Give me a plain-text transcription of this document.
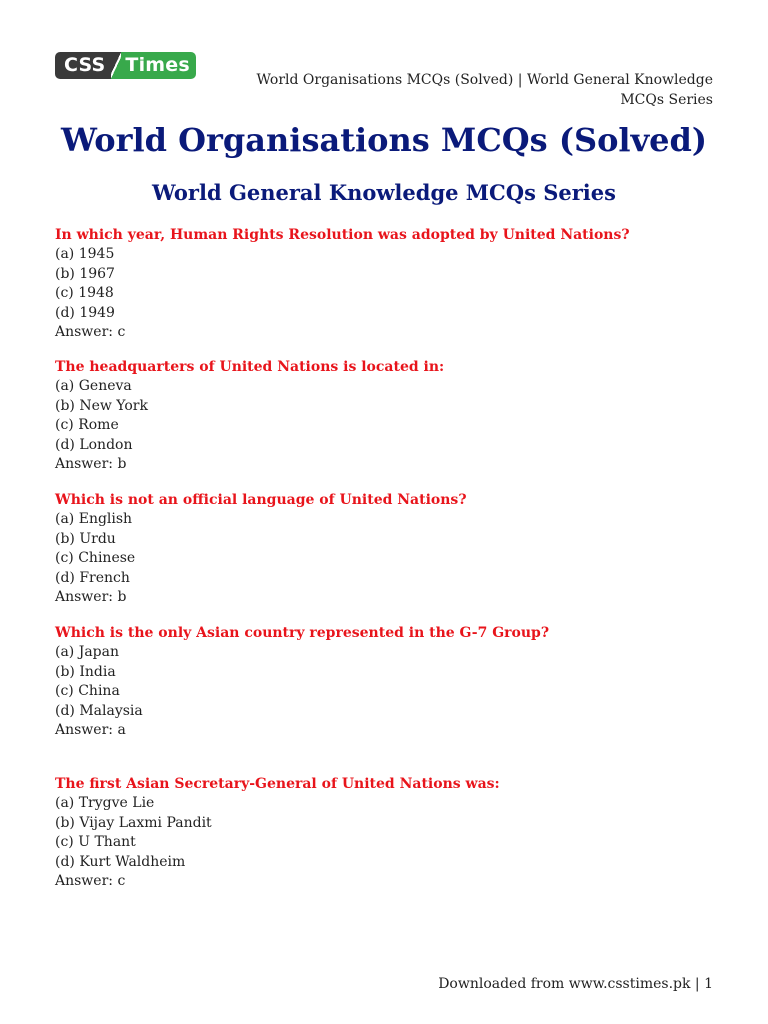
CSS	Times
World Organisations MCQs (Solved) | World General Knowledge MCQs Series
World Organisations MCQs (Solved)
World General Knowledge MCQs Series
In which year, Human Rights Resolution was adopted by United Nations?
(a) 1945
(b) 1967
(c) 1948
(d) 1949
Answer: c
The headquarters of United Nations is located in:
(a) Geneva
(b) New York
(c) Rome
(d) London
Answer: b
Which is not an official language of United Nations?
(a) English
(b) Urdu
(c) Chinese
(d) French
Answer: b
Which is the only Asian country represented in the G-7 Group?
(a) Japan
(b) India
(c) China
(d) Malaysia
Answer: a
The first Asian Secretary-General of United Nations was:
(a) Trygve Lie
(b) Vijay Laxmi Pandit
(c) U Thant
(d) Kurt Waldheim
Answer: c
Downloaded from www.csstimes.pk | 1
